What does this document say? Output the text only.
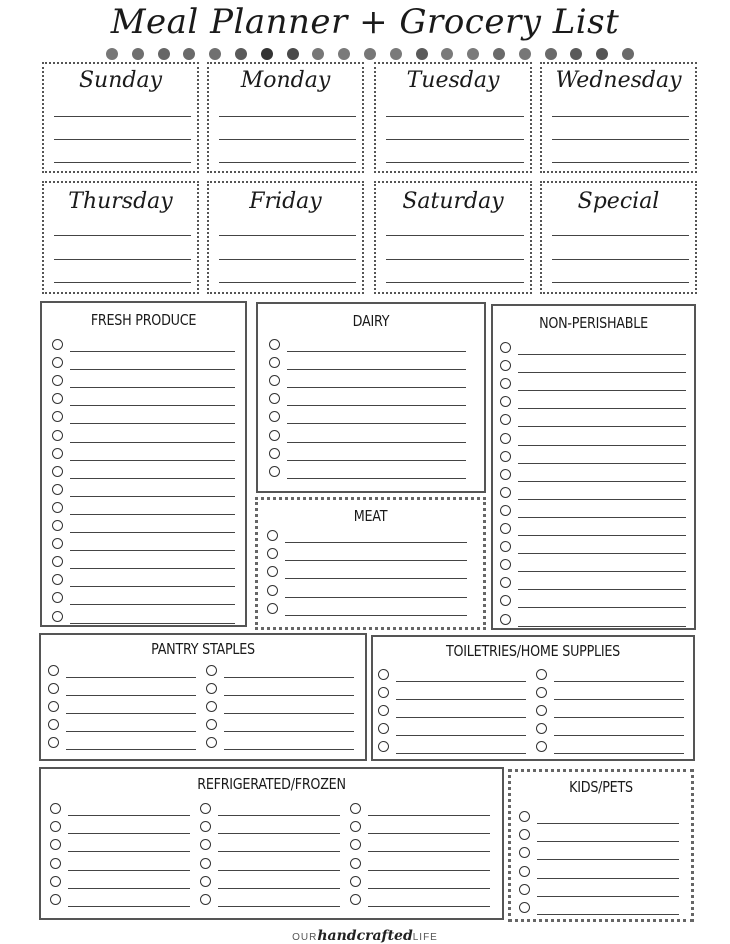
Meal Planner + Grocery List
Sunday	Monday	Tuesday	Wednesday
Thursday	Friday	Saturday	Special
FRESH PRODUCE	DAIRY
MEAT
NON-PERISHABLE
PANTRY STAPLES	TOILETRIES/HOME SUPPLIES
REFRIGERATED/FROZEN	KIDS/PETS
OURhandcraftedLIFE
